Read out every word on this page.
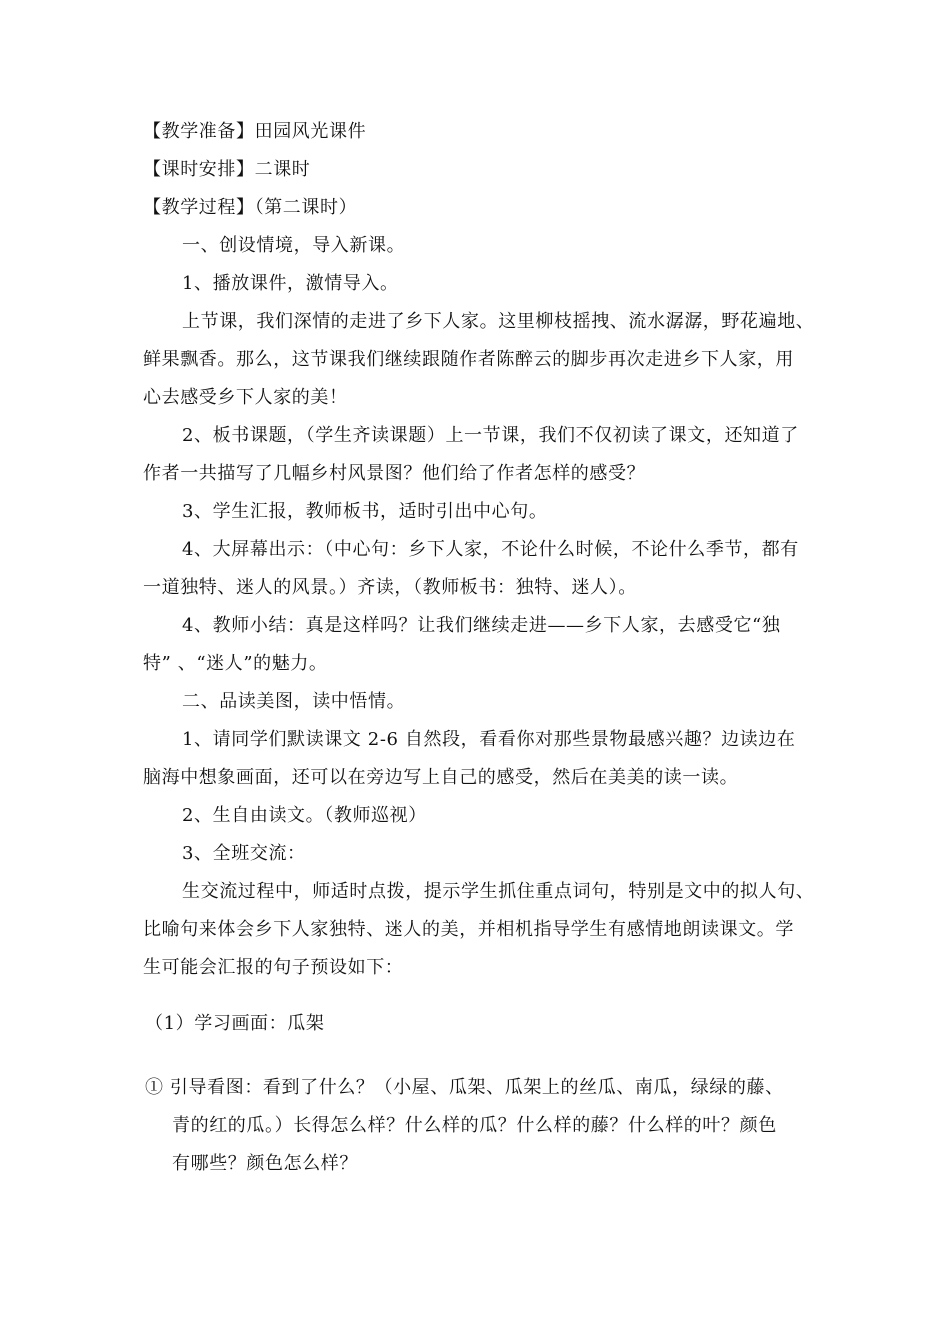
【教学准备】田园风光课件
【课时安排】二课时
【教学过程】（第二课时）
一、创设情境，导入新课。
1、播放课件，激情导入。
上节课，我们深情的走进了乡下人家。这里柳枝摇拽、流水潺潺，野花遍地、
鲜果飘香。那么，这节课我们继续跟随作者陈醉云的脚步再次走进乡下人家，用
心去感受乡下人家的美！
2、板书课题，（学生齐读课题）上一节课，我们不仅初读了课文，还知道了
作者一共描写了几幅乡村风景图？他们给了作者怎样的感受？
3、学生汇报，教师板书，适时引出中心句。
4、大屏幕出示：（中心句：乡下人家，不论什么时候，不论什么季节，都有
一道独特、迷人的风景。）齐读，（教师板书：独特、迷人）。
4、教师小结：真是这样吗？让我们继续走进——乡下人家，去感受它“独
特” 、“迷人”的魅力。
二、品读美图，读中悟情。
1、请同学们默读课文 2-6 自然段，看看你对那些景物最感兴趣？边读边在
脑海中想象画面，还可以在旁边写上自己的感受，然后在美美的读一读。
2、生自由读文。（教师巡视）
3、全班交流：
生交流过程中，师适时点拨，提示学生抓住重点词句，特别是文中的拟人句、
比喻句来体会乡下人家独特、迷人的美，并相机指导学生有感情地朗读课文。学
生可能会汇报的句子预设如下：
（1）学习画面：瓜架
① 引导看图：看到了什么？（小屋、瓜架、瓜架上的丝瓜、南瓜，绿绿的藤、
青的红的瓜。）长得怎么样？什么样的瓜？什么样的藤？什么样的叶？颜色
有哪些？颜色怎么样？
